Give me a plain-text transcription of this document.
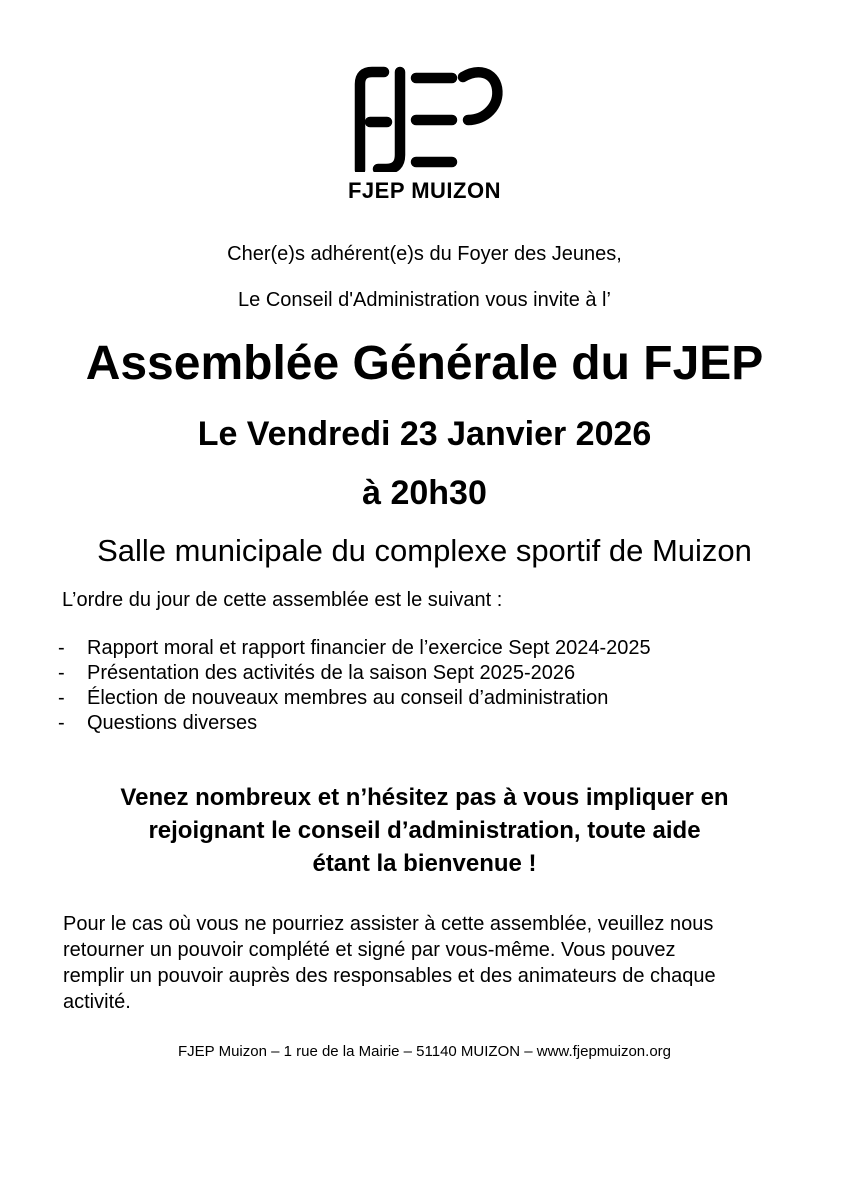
FJEP MUIZON
Cher(e)s adhérent(e)s du Foyer des Jeunes,
Le Conseil d'Administration vous invite à l’
Assemblée Générale du FJEP
Le Vendredi 23 Janvier 2026
à 20h30
Salle municipale du complexe sportif de Muizon
L’ordre du jour de cette assemblée est le suivant :
-	Rapport moral et rapport financier de l’exercice Sept 2024-2025
-	Présentation des activités de la saison Sept 2025-2026
-	Élection de nouveaux membres au conseil d’administration
-	Questions diverses
Venez nombreux et n’hésitez pas à vous impliquer en
rejoignant le conseil d’administration, toute aide
étant la bienvenue !
Pour le cas où vous ne pourriez assister à cette assemblée, veuillez nous
retourner un pouvoir complété et signé par vous-même. Vous pouvez
remplir un pouvoir auprès des responsables et des animateurs de chaque
activité.
FJEP Muizon – 1 rue de la Mairie – 51140 MUIZON – www.fjepmuizon.org
